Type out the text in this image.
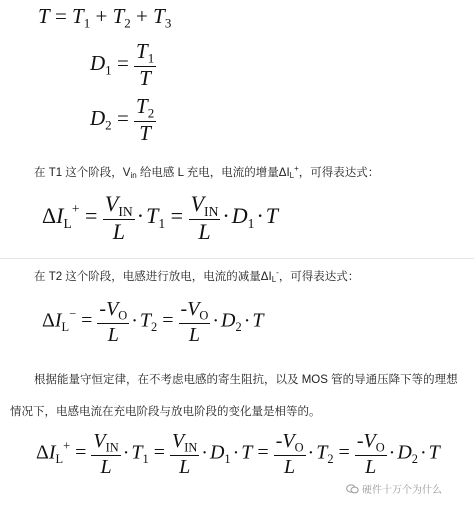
$T = T_1 + T_2 + T_3$
$D_1 = \frac{T_1}{T}$
$D_2 = \frac{T_2}{T}$
在 T1 这个阶段，Vin 给电感 L 充电，电流的增量ΔIL+，可得表达式：
$\Delta I_L^+ = \frac{V_{IN}}{L} \cdot T_1 = \frac{V_{IN}}{L} \cdot D_1\cdot T$
在 T2 这个阶段，电感进行放电，电流的减量ΔIL-，可得表达式：
$\Delta I_L^- = \frac{-V_O}{L} \cdot T_2 = \frac{-V_O}{L} \cdot D_2 \cdot T$
根据能量守恒定律，在不考虑电感的寄生阻抗，以及 MOS 管的导通压降下等的理想
情况下，电感电流在充电阶段与放电阶段的变化量是相等的。
$\Delta I_L^+ = \frac{V_{IN}}{L} \cdot T_1 = \frac{V_{IN}}{L} \cdot D_1 \cdot T = \frac{-V_O}{L} \cdot T_2 = \frac{-V_O}{L} \cdot D_2 \cdot T$
硬件十万个为什么
